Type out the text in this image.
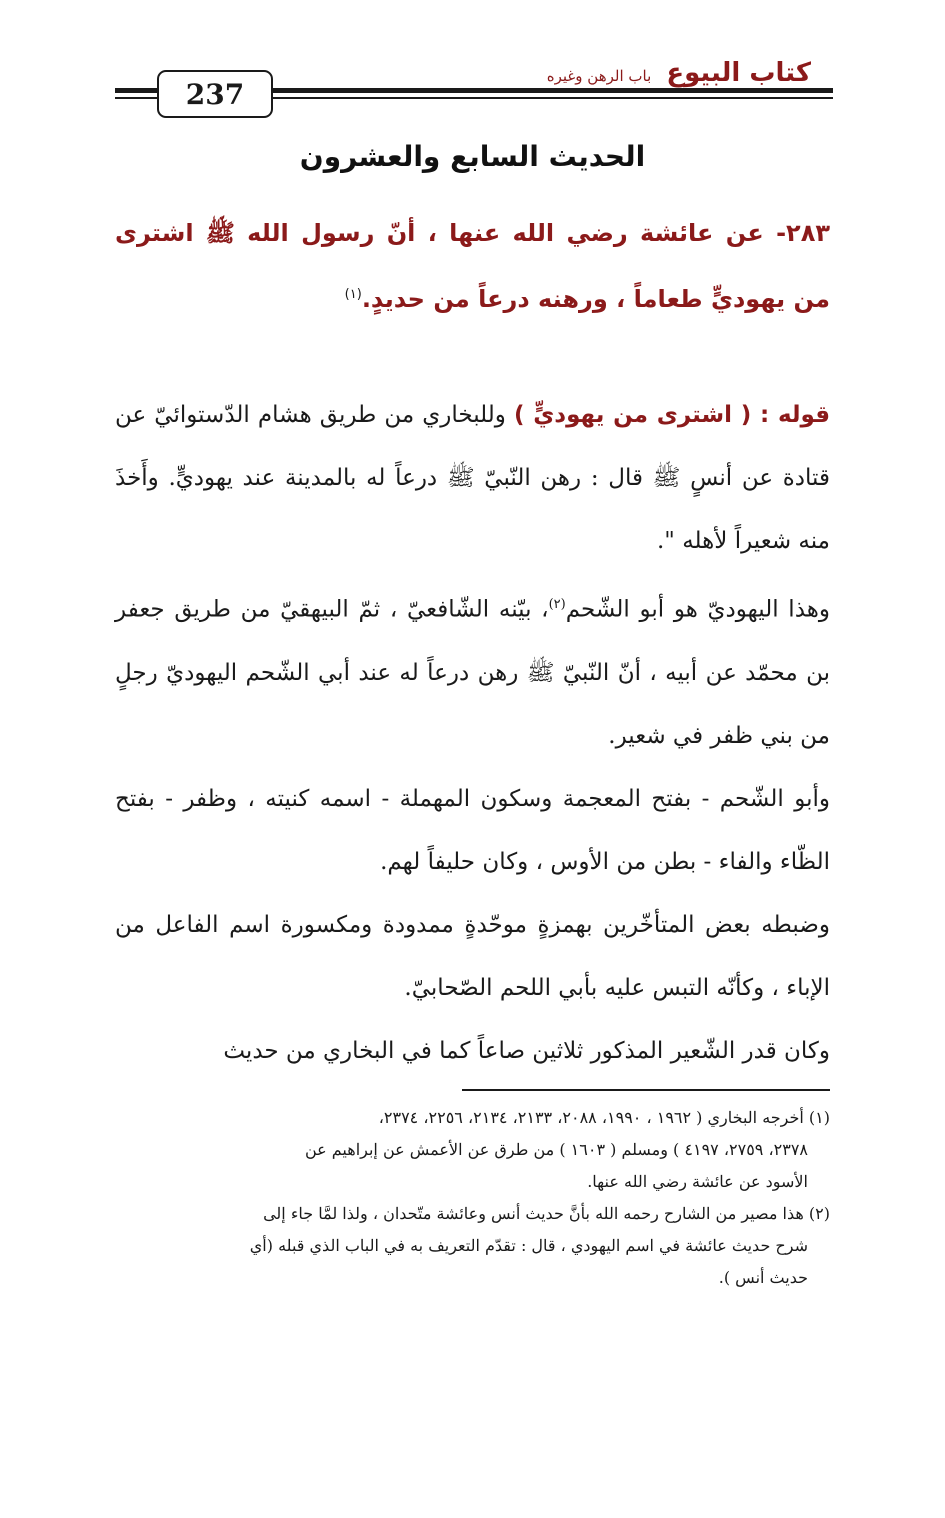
كتاب البيوع باب الرهن وغيره
237
الحديث السابع والعشرون
٢٨٣- عن عائشة رضي الله عنها ، أنّ رسول الله ﷺ اشترى من يهوديٍّ طعاماً ، ورهنه درعاً من حديدٍ.$^{(١)}$

قوله : ( اشترى من يهوديٍّ ) وللبخاري من طريق هشام الدّستوائيّ عن قتادة عن أنسٍ ﷺ قال : رهن النّبيّ ﷺ درعاً له بالمدينة عند يهوديٍّ. وأَخذَ منه شعيراً لأهله ".

وهذا اليهوديّ هو أبو الشّحم$^{(٢)}$، بيّنه الشّافعيّ ، ثمّ البيهقيّ من طريق جعفر بن محمّد عن أبيه ، أنّ النّبيّ ﷺ رهن درعاً له عند أبي الشّحم اليهوديّ رجلٍ من بني ظفر في شعير.

وأبو الشّحم - بفتح المعجمة وسكون المهملة - اسمه كنيته ، وظفر - بفتح الظّاء والفاء - بطن من الأوس ، وكان حليفاً لهم.

وضبطه بعض المتأخّرين بهمزةٍ موحّدةٍ ممدودة ومكسورة اسم الفاعل من الإباء ، وكأنّه التبس عليه بأبي اللحم الصّحابيّ.

وكان قدر الشّعير المذكور ثلاثين صاعاً كما في البخاري من حديث

(١) أخرجه البخاري ( ١٩٦٢ ، ١٩٩٠، ٢٠٨٨، ٢١٣٣، ٢١٣٤، ٢٢٥٦، ٢٣٧٤،

٢٣٧٨، ٢٧٥٩، ٤١٩٧ ) ومسلم ( ١٦٠٣ ) من طرق عن الأعمش عن إبراهيم عن

الأسود عن عائشة رضي الله عنها.

(٢) هذا مصير من الشارح رحمه الله بأنَّ حديث أنس وعائشة متّحدان ، ولذا لمَّا جاء إلى

شرح حديث عائشة في اسم اليهودي ، قال : تقدّم التعريف به في الباب الذي قبله (أي

حديث أنس ).
